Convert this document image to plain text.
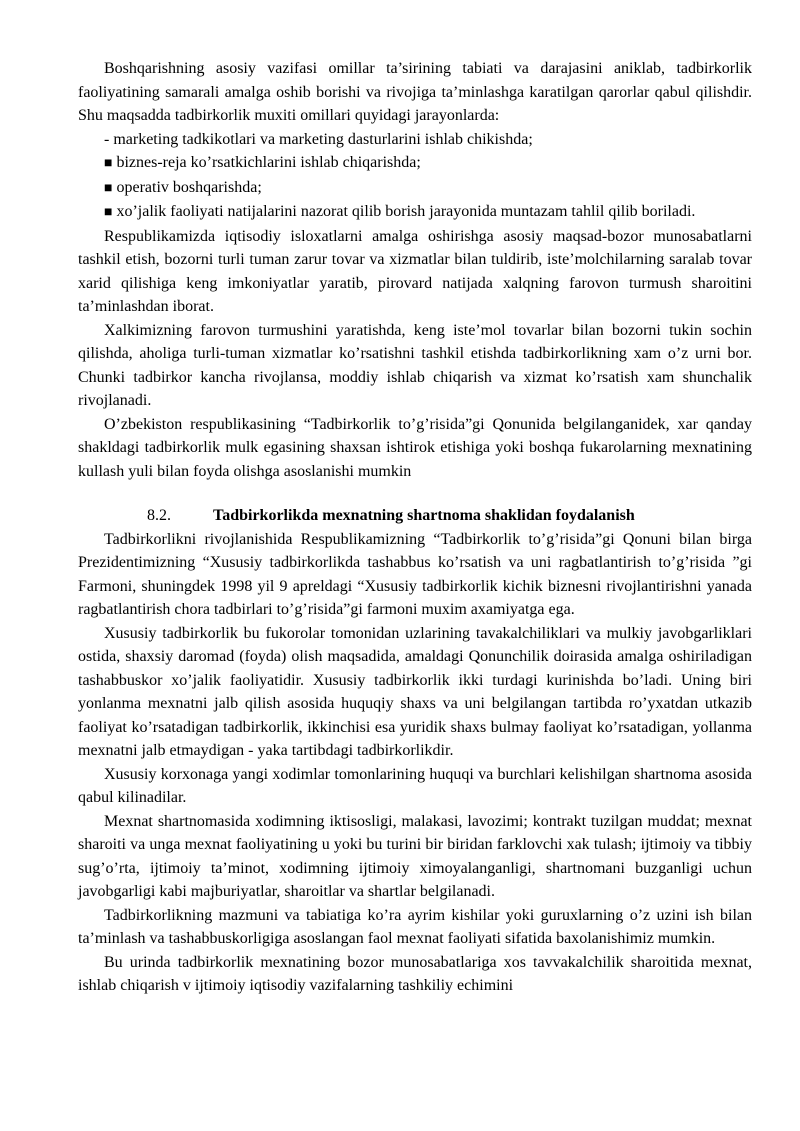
Boshqarishning asosiy vazifasi omillar ta’sirining tabiati va darajasini aniklab, tadbirkorlik faoliyatining samarali amalga oshib borishi va rivojiga ta’minlashga karatilgan qarorlar qabul qilishdir. Shu maqsadda tadbirkorlik muxiti omillari quyidagi jarayonlarda:

- marketing tadkikotlari va marketing dasturlarini ishlab chikishda;

■ biznes-reja ko’rsatkichlarini ishlab chiqarishda;

■ operativ boshqarishda;

■ xo’jalik faoliyati natijalarini nazorat qilib borish jarayonida muntazam tahlil qilib boriladi.

Respublikamizda iqtisodiy isloxatlarni amalga oshirishga asosiy maqsad-bozor munosabatlarni tashkil etish, bozorni turli tuman zarur tovar va xizmatlar bilan tuldirib, iste’molchilarning saralab tovar xarid qilishiga keng imkoniyatlar yaratib, pirovard natijada xalqning farovon turmush sharoitini ta’minlashdan iborat.

Xalkimizning farovon turmushini yaratishda, keng iste’mol tovarlar bilan bozorni tukin sochin qilishda, aholiga turli-tuman xizmatlar ko’rsatishni tashkil etishda tadbirkorlikning xam o’z urni bor. Chunki tadbirkor kancha rivojlansa, moddiy ishlab chiqarish va xizmat ko’rsatish xam shunchalik rivojlanadi.

O’zbekiston respublikasining “Tadbirkorlik to’g’risida”gi Qonunida belgilanganidek, xar qanday shakldagi tadbirkorlik mulk egasining shaxsan ishtirok etishiga yoki boshqa fukarolarning mexnatining kullash yuli bilan foyda olishga asoslanishi mumkin

8.2.	Tadbirkorlikda mexnatning shartnoma shaklidan foydalanish

Tadbirkorlikni rivojlanishida Respublikamizning “Tadbirkorlik to’g’risida”gi Qonuni bilan birga Prezidentimizning “Xususiy tadbirkorlikda tashabbus ko’rsatish va uni ragbatlantirish to’g’risida ”gi Farmoni, shuningdek 1998 yil 9 apreldagi “Xususiy tadbirkorlik kichik biznesni rivojlantirishni yanada ragbatlantirish chora tadbirlari to’g’risida”gi farmoni muxim axamiyatga ega.

Xususiy tadbirkorlik bu fukorolar tomonidan uzlarining tavakalchiliklari va mulkiy javobgarliklari ostida, shaxsiy daromad (foyda) olish maqsadida, amaldagi Qonunchilik doirasida amalga oshiriladigan tashabbuskor xo’jalik faoliyatidir. Xususiy tadbirkorlik ikki turdagi kurinishda bo’ladi. Uning biri yonlanma mexnatni jalb qilish asosida huquqiy shaxs va uni belgilangan tartibda ro’yxatdan utkazib faoliyat ko’rsatadigan tadbirkorlik, ikkinchisi esa yuridik shaxs bulmay faoliyat ko’rsatadigan, yollanma mexnatni jalb etmaydigan - yaka tartibdagi tadbirkorlikdir.

Xususiy korxonaga yangi xodimlar tomonlarining huquqi va burchlari kelishilgan shartnoma asosida qabul kilinadilar.

Mexnat shartnomasida xodimning iktisosligi, malakasi, lavozimi; kontrakt tuzilgan muddat; mexnat sharoiti va unga mexnat faoliyatining u yoki bu turini bir biridan farklovchi xak tulash; ijtimoiy va tibbiy sug’o’rta, ijtimoiy ta’minot, xodimning ijtimoiy ximoyalanganligi, shartnomani buzganligi uchun javobgarligi kabi majburiyatlar, sharoitlar va shartlar belgilanadi.

Tadbirkorlikning mazmuni va tabiatiga ko’ra ayrim kishilar yoki guruxlarning o’z uzini ish bilan ta’minlash va tashabbuskorligiga asoslangan faol mexnat faoliyati sifatida baxolanishimiz mumkin.

Bu urinda tadbirkorlik mexnatining bozor munosabatlariga xos tavvakalchilik sharoitida mexnat, ishlab chiqarish v ijtimoiy iqtisodiy vazifalarning tashkiliy echimini
